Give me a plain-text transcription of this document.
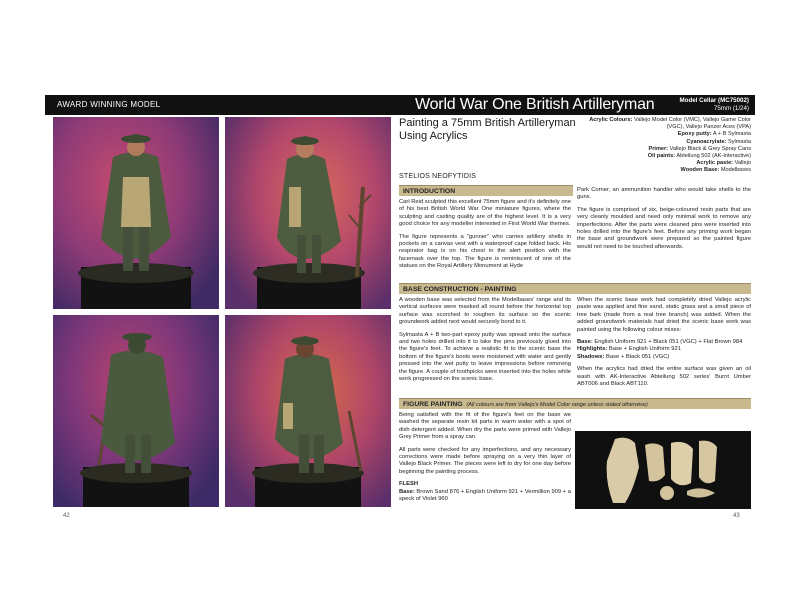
AWARD WINNING MODEL	World War One British Artilleryman	Model Cellar (MC75002)
75mm (1/24)
42	43
Painting a 75mm British Artilleryman Using Acrylics
Acrylic Colours: Vallejo Model Color (VMC), Vallejo Game Color (VGC), Vallejo Panzer Aces (VPA)
Epoxy putty: A + B Sylmasta
Cyanoacrylate: Sylmasta
Primer: Vallejo Black & Grey Spray Cans
Oil paints: Abteilung 502 (AK-Interactive)
Acrylic paste: Vallejo
Wooden Base: Modelbases
STELIOS NEOFYTIDIS
INTRODUCTION

Carl Reid sculpted this excellent 75mm figure and it's definitely one of his best British World War One miniature figures, where the sculpting and casting quality are of the highest level. It is a very good choice for any modeller interested in First World War themes.

The figure represents a "gunner" who carries artillery shells in pockets on a canvas vest with a waterproof cape folded back. His respirator bag is on his chest in the alert position with the facemask over the top. The figure is reminiscent of one of the statues on the Royal Artillery Monument at Hyde

Park Corner, an ammunition handler who would take shells to the guns.

The figure is comprised of six, beige-coloured resin parts that are very cleanly moulded and need only minimal work to remove any imperfections. After the parts were cleaned pins were inserted into holes drilled into the figure's feet. Before any priming work began the base and groundwork were prepared so the painted figure would not need to be touched afterwards.

BASE CONSTRUCTION - PAINTING

A wooden base was selected from the Modelbases' range and its vertical surfaces were masked all round before the horizontal top surface was scorched to roughen its surface so the scenic groundwork added next would securely bond to it.

Sylmasta A + B two-part epoxy putty was spread onto the surface and two holes drilled into it to take the pins previously glued into the figure's feet. To achieve a realistic fit to the scenic base the bottom of the figure's boots were moistened with water and gently pressed into the wet putty to leave impressions before removing the figure. A couple of toothpicks were inserted into the holes while work progressed on the scenic base.

When the scenic base work had completely dried Vallejo acrylic paste was applied and fine sand, static grass and a small piece of tree bark (made from a real tree branch) was added. When the added groundwork materials had dried the scenic base work was painted using the following colour mixes:

Base: English Uniform 921 + Black 051 (VGC) + Flat Brown 984
Highlights: Base + English Uniform 921
Shadows: Base + Black 051 (VGC)

When the acrylics had dried the entire surface was given an oil wash with AK-Interactive Abteilung 502 series' Burnt Umber ABT006 and Black ABT110.

FIGURE PAINTING (All colours are from Vallejo's Model Color range unless stated otherwise)

Being satisfied with the fit of the figure's feet on the base we washed the separate resin kit parts in warm water with a spot of dish detergent added. When dry the parts were primed with Vallejo Grey Primer from a spray can.

All parts were checked for any imperfections, and any necessary corrections were made before spraying on a very thin layer of Vallejo Black Primer. The pieces were left to dry for one day before beginning the painting process.

FLESH
Base: Brown Sand 876 + English Uniform 921 + Vermillion 909 + a speck of Violet 960
